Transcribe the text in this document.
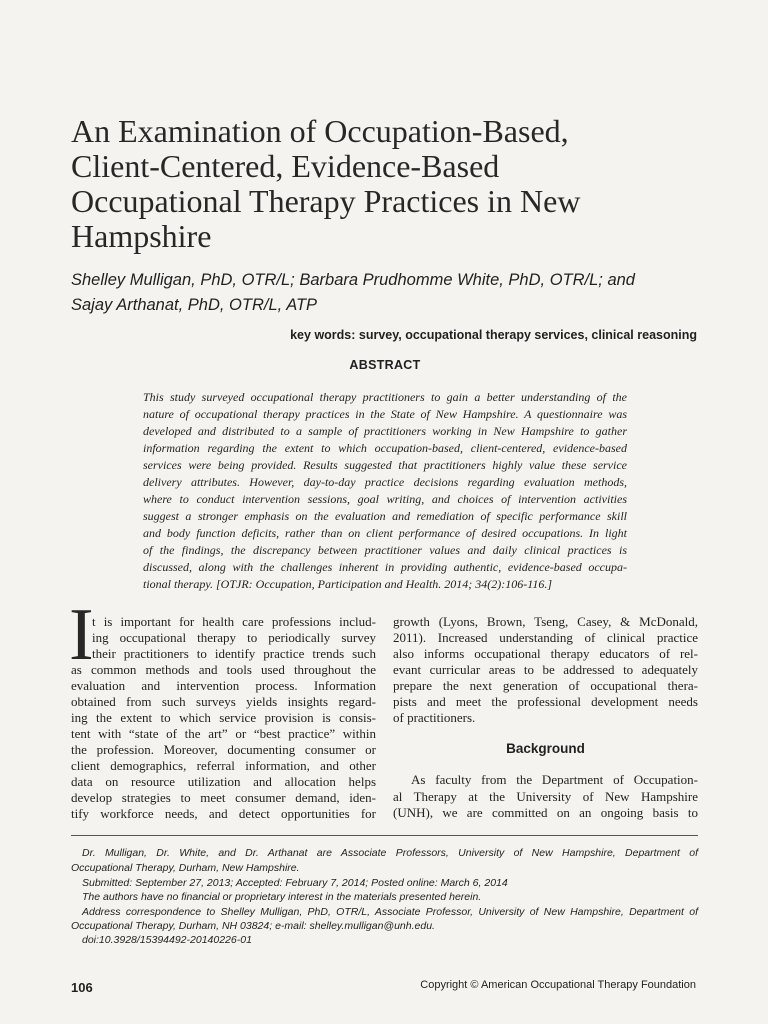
An Examination of Occupation-Based,
Client-Centered, Evidence-Based
Occupational Therapy Practices in New
Hampshire
Shelley Mulligan, PhD, OTR/L; Barbara Prudhomme White, PhD, OTR/L; and
Sajay Arthanat, PhD, OTR/L, ATP
key words: survey, occupational therapy services, clinical reasoning
ABSTRACT
This study surveyed occupational therapy practitioners to gain a better understanding of the
nature of occupational therapy practices in the State of New Hampshire. A questionnaire was
developed and distributed to a sample of practitioners working in New Hampshire to gather
information regarding the extent to which occupation-based, client-centered, evidence-based
services were being provided. Results suggested that practitioners highly value these service
delivery attributes. However, day-to-day practice decisions regarding evaluation methods,
where to conduct intervention sessions, goal writing, and choices of intervention activities
suggest a stronger emphasis on the evaluation and remediation of specific performance skill
and body function deficits, rather than on client performance of desired occupations. In light
of the findings, the discrepancy between practitioner values and daily clinical practices is
discussed, along with the challenges inherent in providing authentic, evidence-based occupa-
tional therapy. [OTJR: Occupation, Participation and Health. 2014; 34(2):106-116.]
I
t is important for health care professions includ-
ing occupational therapy to periodically survey
their practitioners to identify practice trends such
as common methods and tools used throughout the
evaluation and intervention process. Information
obtained from such surveys yields insights regard-
ing the extent to which service provision is consis-
tent with “state of the art” or “best practice” within
the profession. Moreover, documenting consumer or
client demographics, referral information, and other
data on resource utilization and allocation helps
develop strategies to meet consumer demand, iden-
tify workforce needs, and detect opportunities for
growth (Lyons, Brown, Tseng, Casey, & McDonald,
2011). Increased understanding of clinical practice
also informs occupational therapy educators of rel-
evant curricular areas to be addressed to adequately
prepare the next generation of occupational thera-
pists and meet the professional development needs
of practitioners.
Background
As faculty from the Department of Occupation-
al Therapy at the University of New Hampshire
(UNH), we are committed on an ongoing basis to
Dr. Mulligan, Dr. White, and Dr. Arthanat are Associate Professors, University of New Hampshire, Department of
Occupational Therapy, Durham, New Hampshire.
Submitted: September 27, 2013; Accepted: February 7, 2014; Posted online: March 6, 2014
The authors have no financial or proprietary interest in the materials presented herein.
Address correspondence to Shelley Mulligan, PhD, OTR/L, Associate Professor, University of New Hampshire, Department of
Occupational Therapy, Durham, NH 03824; e-mail: shelley.mulligan@unh.edu.
doi:10.3928/15394492-20140226-01
106	Copyright © American Occupational Therapy Foundation
